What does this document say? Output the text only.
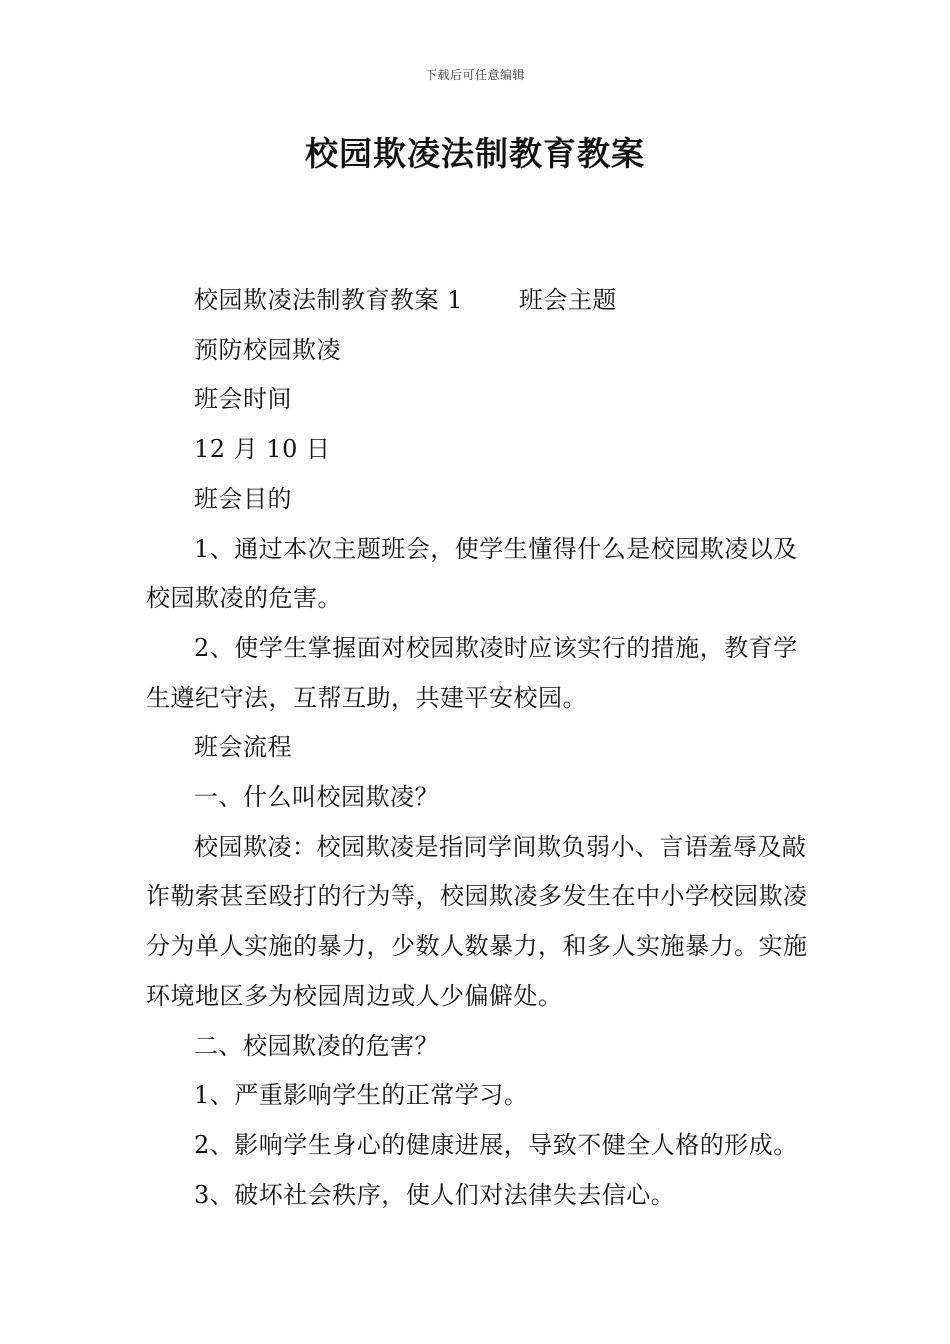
下载后可任意编辑
校园欺凌法制教育教案

校园欺凌法制教育教案 1 班会主题

预防校园欺凌

班会时间

12 月 10 日

班会目的

1、通过本次主题班会，使学生懂得什么是校园欺凌以及校园欺凌的危害。

2、使学生掌握面对校园欺凌时应该实行的措施，教育学生遵纪守法，互帮互助，共建平安校园。

班会流程

一、什么叫校园欺凌？

校园欺凌：校园欺凌是指同学间欺负弱小、言语羞辱及敲诈勒索甚至殴打的行为等，校园欺凌多发生在中小学校园欺凌分为单人实施的暴力，少数人数暴力，和多人实施暴力。实施环境地区多为校园周边或人少偏僻处。

二、校园欺凌的危害？

1、严重影响学生的正常学习。

2、影响学生身心的健康进展，导致不健全人格的形成。

3、破坏社会秩序，使人们对法律失去信心。
